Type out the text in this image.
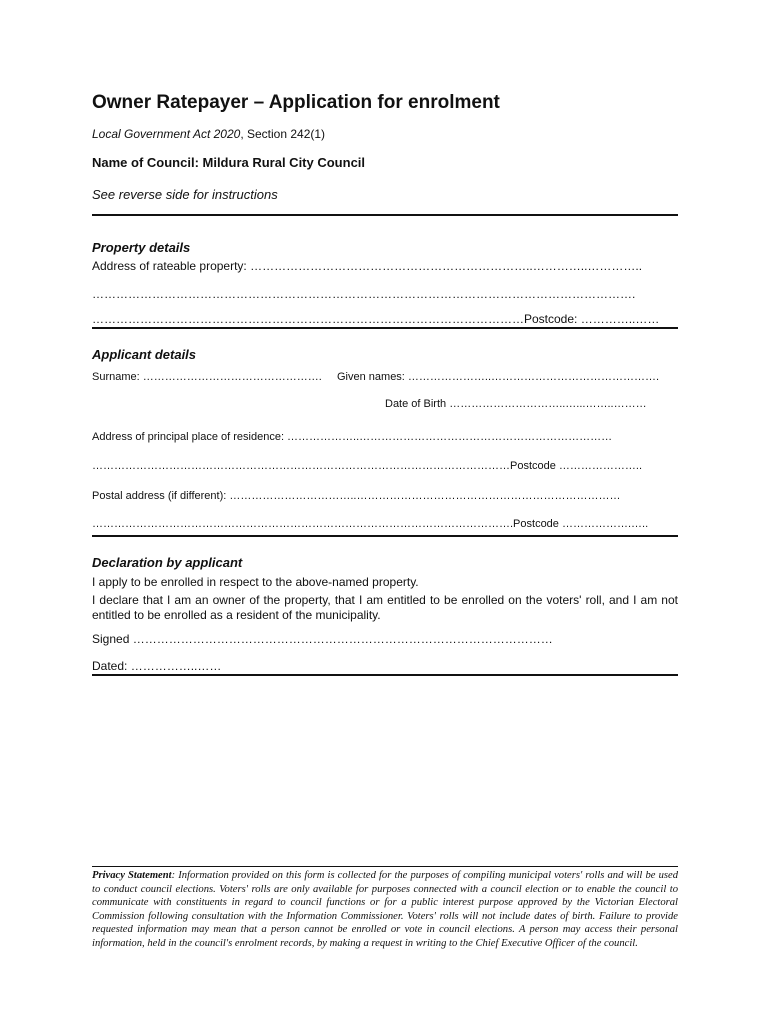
Owner Ratepayer – Application for enrolment
Local Government Act 2020, Section 242(1)
Name of Council: Mildura Rural City Council
See reverse side for instructions
Property details
Address of rateable property: ……………………………………………………………..…………..…………..
……………………………………………………………………………………………………………………….
………………………………………………………………………………………………Postcode: …………..……
Applicant details
Surname: …………………………………………. Given names: …………………..……………………………………….
Date of Birth …………………………..…...……..………
Address of principal place of residence: ………………..……………………………………………………………
……………………………………………………………………………………………………Postcode …………………..
Postal address (if different): ……………………………..………………………………………………………………
…………………………………………………………………………………………………….Postcode ……………….…..
Declaration by applicant
I apply to be enrolled in respect to the above-named property.
I declare that I am an owner of the property, that I am entitled to be enrolled on the voters' roll, and I am not entitled to be enrolled as a resident of the municipality.
Signed ……………………………………………………………………………………………
Dated: ……………..……
Privacy Statement: Information provided on this form is collected for the purposes of compiling municipal voters' rolls and will be used to conduct council elections. Voters' rolls are only available for purposes connected with a council election or to enable the council to communicate with constituents in regard to council functions or for a public interest purpose approved by the Victorian Electoral Commission following consultation with the Information Commissioner. Voters' rolls will not include dates of birth. Failure to provide requested information may mean that a person cannot be enrolled or vote in council elections. A person may access their personal information, held in the council's enrolment records, by making a request in writing to the Chief Executive Officer of the council.
